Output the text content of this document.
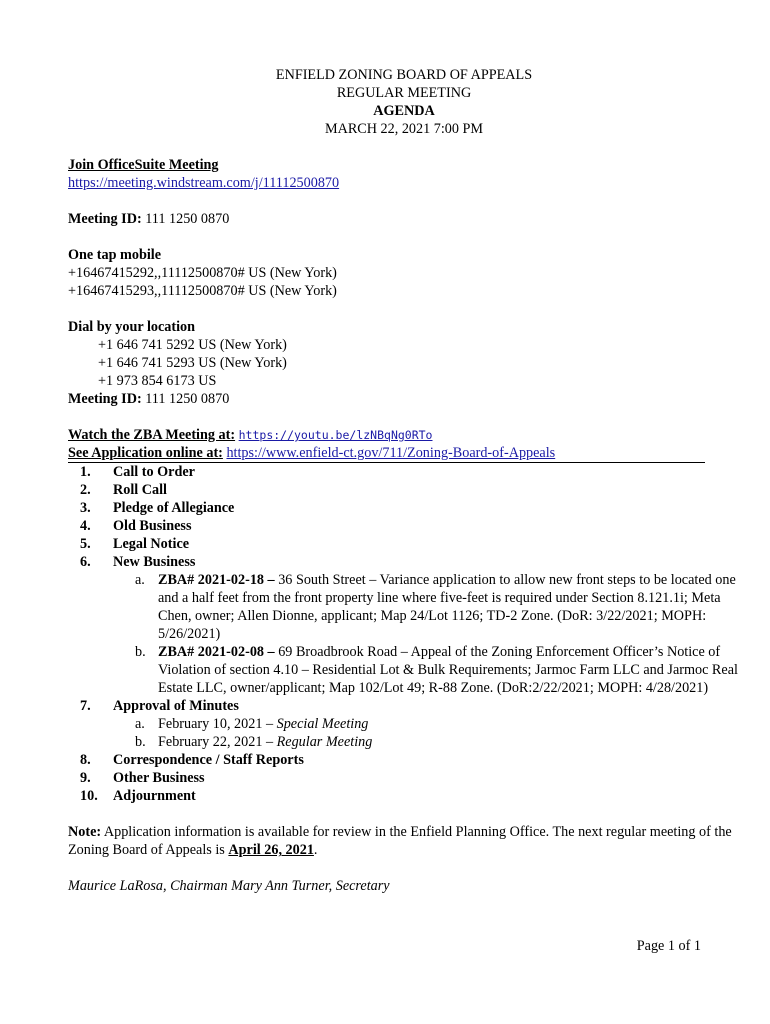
ENFIELD ZONING BOARD OF APPEALS
REGULAR MEETING
AGENDA
MARCH 22, 2021 7:00 PM
Join OfficeSuite Meeting
https://meeting.windstream.com/j/11112500870
Meeting ID: 111 1250 0870
One tap mobile
+16467415292,,11112500870# US (New York)
+16467415293,,11112500870# US (New York)
Dial by your location
+1 646 741 5292 US (New York)
+1 646 741 5293 US (New York)
+1 973 854 6173 US
Meeting ID: 111 1250 0870
Watch the ZBA Meeting at: https://youtu.be/lzNBqNg0RTo
See Application online at: https://www.enfield-ct.gov/711/Zoning-Board-of-Appeals
1.	Call to Order
2.	Roll Call
3.	Pledge of Allegiance
4.	Old Business
5.	Legal Notice
6.	New Business
a. ZBA# 2021-02-18 – 36 South Street – Variance application to allow new front steps to be located one and a half feet from the front property line where five-feet is required under Section 8.121.1i; Meta Chen, owner; Allen Dionne, applicant; Map 24/Lot 1126; TD-2 Zone. (DoR: 3/22/2021; MOPH: 5/26/2021)
b. ZBA# 2021-02-08 – 69 Broadbrook Road – Appeal of the Zoning Enforcement Officer’s Notice of Violation of section 4.10 – Residential Lot & Bulk Requirements; Jarmoc Farm LLC and Jarmoc Real Estate LLC, owner/applicant; Map 102/Lot 49; R-88 Zone. (DoR:2/22/2021; MOPH: 4/28/2021)
7.	Approval of Minutes
a. February 10, 2021 – Special Meeting
b. February 22, 2021 – Regular Meeting
8.	Correspondence / Staff Reports
9.	Other Business
10.	Adjournment
Note: Application information is available for review in the Enfield Planning Office. The next regular meeting of the Zoning Board of Appeals is April 26, 2021.
Maurice LaRosa, Chairman Mary Ann Turner, Secretary
Page 1 of 1
